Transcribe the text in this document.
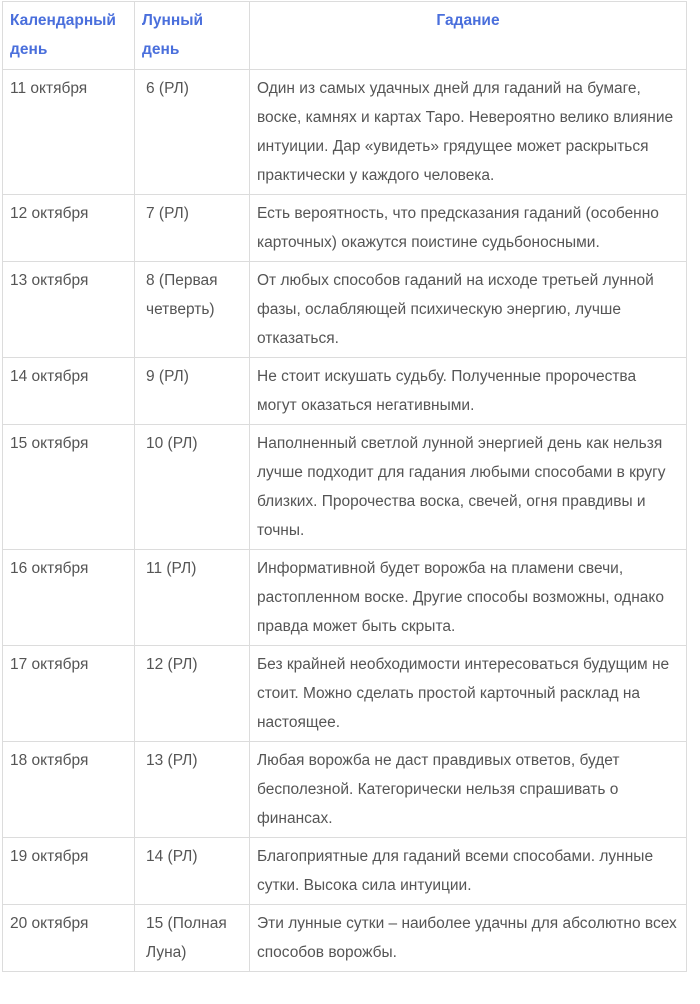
Календарный день	Лунный день	Гадание
11 октября	6 (РЛ)	Один из самых удачных дней для гаданий на бумаге, воске, камнях и картах Таро. Невероятно велико влияние интуиции. Дар «увидеть» грядущее может раскрыться практически у каждого человека.
12 октября	7 (РЛ)	Есть вероятность, что предсказания гаданий (особенно карточных) окажутся поистине судьбоносными.
13 октября	8 (Первая четверть)	От любых способов гаданий на исходе третьей лунной фазы, ослабляющей психическую энергию, лучше отказаться.
14 октября	9 (РЛ)	Не стоит искушать судьбу. Полученные пророчества могут оказаться негативными.
15 октября	10 (РЛ)	Наполненный светлой лунной энергией день как нельзя лучше подходит для гадания любыми способами в кругу близких. Пророчества воска, свечей, огня правдивы и точны.
16 октября	11 (РЛ)	Информативной будет ворожба на пламени свечи, растопленном воске. Другие способы возможны, однако правда может быть скрыта.
17 октября	12 (РЛ)	Без крайней необходимости интересоваться будущим не стоит. Можно сделать простой карточный расклад на настоящее.
18 октября	13 (РЛ)	Любая ворожба не даст правдивых ответов, будет бесполезной. Категорически нельзя спрашивать о финансах.
19 октября	14 (РЛ)	Благоприятные для гаданий всеми способами. лунные сутки. Высока сила интуиции.
20 октября	15 (Полная Луна)	Эти лунные сутки – наиболее удачны для абсолютно всех способов ворожбы.
